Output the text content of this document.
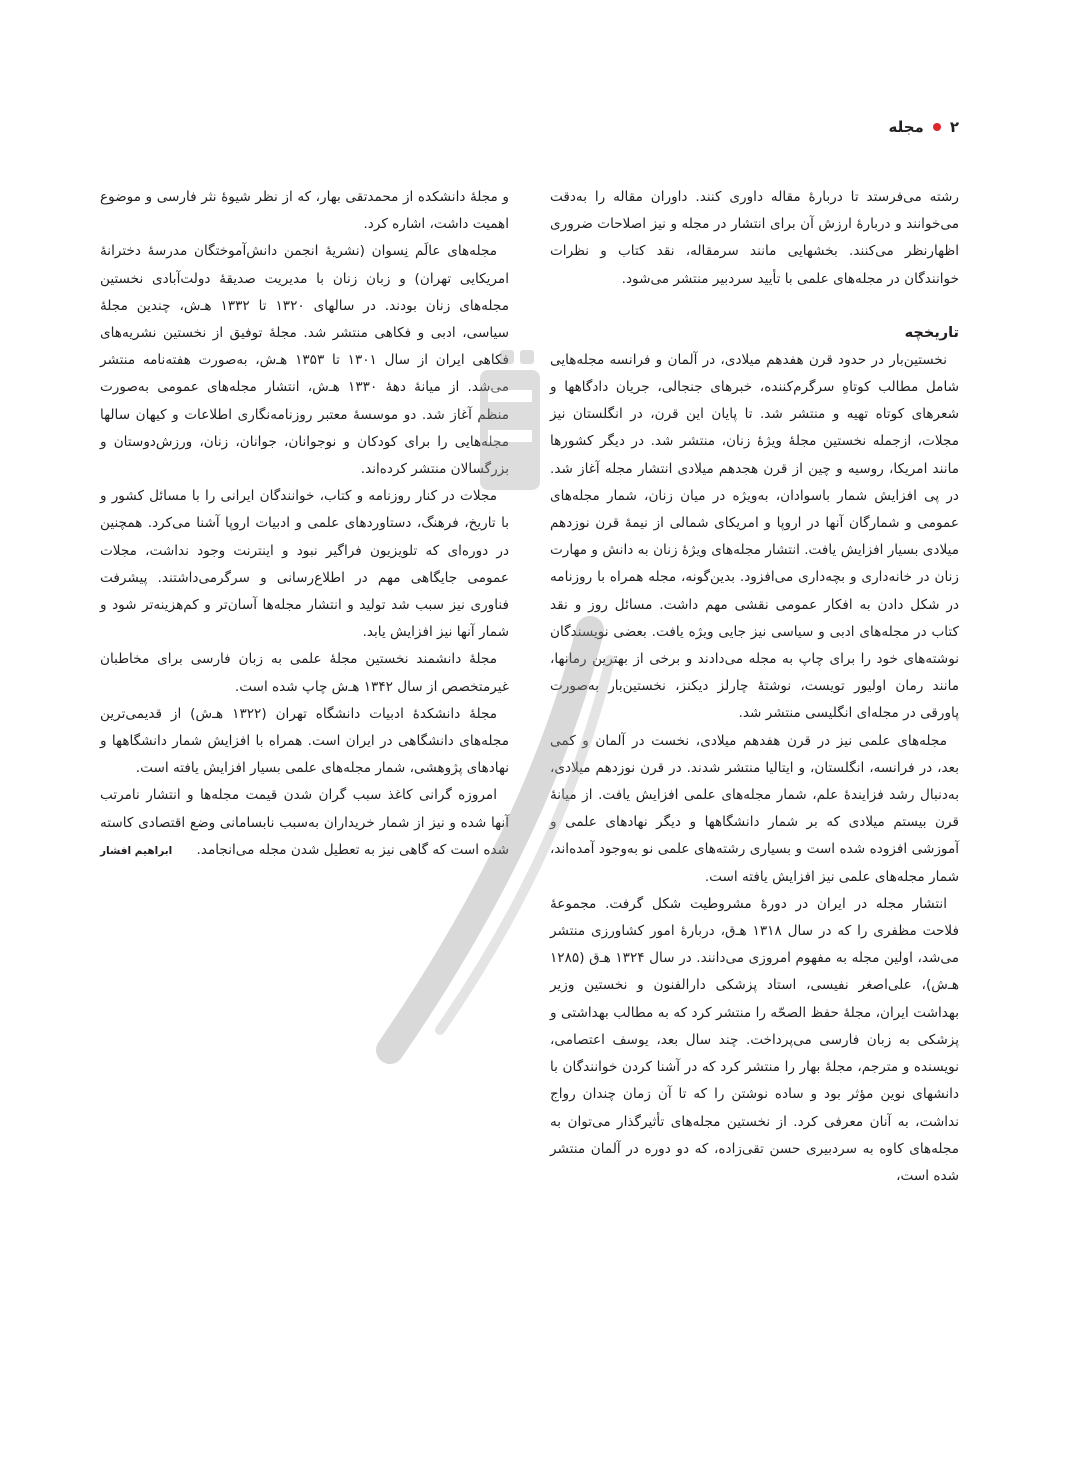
۲
مجله

رشته می‌فرستد تا دربارهٔ مقاله داوری کنند. داوران مقاله را به‌دقت می‌خوانند و دربارهٔ ارزش آن برای انتشار در مجله و نیز اصلاحات ضروری اظهارنظر می‌کنند. بخشهایی مانند سرمقاله، نقد کتاب و نظرات خوانندگان در مجله‌های علمی با تأیید سردبیر منتشر می‌شود.

تاریخچه

نخستین‌بار در حدود قرن هفدهم میلادی، در آلمان و فرانسه مجله‌هایی شامل مطالب کوتاهِ سرگرم‌کننده، خبرهای جنجالی، جریان دادگاهها و شعرهای کوتاه تهیه و منتشر شد. تا پایان این قرن، در انگلستان نیز مجلات، ازجمله نخستین مجلهٔ ویژهٔ زنان، منتشر شد. در دیگر کشورها مانند امریکا، روسیه و چین از قرن هجدهم میلادی انتشار مجله آغاز شد. در پی افزایش شمار باسوادان، به‌ویژه در میان زنان، شمار مجله‌های عمومی و شمارگان آنها در اروپا و امریکای شمالی از نیمهٔ قرن نوزدهم میلادی بسیار افزایش یافت. انتشار مجله‌های ویژهٔ زنان به دانش و مهارت زنان در خانه‌داری و بچه‌داری می‌افزود. بدین‌گونه، مجله همراه با روزنامه در شکل دادن به افکار عمومی نقشی مهم داشت. مسائل روز و نقد کتاب در مجله‌های ادبی و سیاسی نیز جایی ویژه یافت. بعضی نویسندگان نوشته‌های خود را برای چاپ به مجله می‌دادند و برخی از بهترین رمانها، مانند رمان اولیور تویست، نوشتهٔ چارلز دیکنز، نخستین‌بار به‌صورت پاورقی در مجله‌ای انگلیسی منتشر شد.

مجله‌های علمی نیز در قرن هفدهم میلادی، نخست در آلمان و کمی بعد، در فرانسه، انگلستان، و ایتالیا منتشر شدند. در قرن نوزدهم میلادی، به‌دنبال رشد فزایندهٔ علم، شمار مجله‌های علمی افزایش یافت. از میانهٔ قرن بیستم میلادی که بر شمار دانشگاهها و دیگر نهادهای علمی و آموزشی افزوده شده است و بسیاری رشته‌های علمی نو به‌وجود آمده‌اند، شمار مجله‌های علمی نیز افزایش یافته است.

انتشار مجله در ایران در دورهٔ مشروطیت شکل گرفت. مجموعهٔ فلاحت مظفری را که در سال ۱۳۱۸ هـ‌ق، دربارهٔ امور کشاورزی منتشر می‌شد، اولین مجله به مفهوم امروزی می‌دانند. در سال ۱۳۲۴ هـ‌ق (۱۲۸۵ هـ‌ش)، علی‌اصغر نفیسی، استاد پزشکی دارالفنون و نخستین وزیر بهداشت ایران، مجلهٔ حفظ الصحّه را منتشر کرد که به مطالب بهداشتی و پزشکی به زبان فارسی می‌پرداخت. چند سال بعد، یوسف اعتصامی، نویسنده و مترجم، مجلهٔ بهار را منتشر کرد که در آشنا کردن خوانندگان با دانشهای نوین مؤثر بود و ساده نوشتن را که تا آن زمان چندان رواج نداشت، به آنان معرفی کرد. از نخستین مجله‌های تأثیرگذار می‌توان به مجله‌های کاوه به سردبیری حسن تقی‌زاده، که دو دوره در آلمان منتشر شده است،

و مجلهٔ دانشکده از محمدتقی بهار، که از نظر شیوهٔ نثر فارسی و موضوع اهمیت داشت، اشاره کرد.

مجله‌های عالَم نِسوان (نشریهٔ انجمن دانش‌آموختگان مدرسهٔ دخترانهٔ امریکایی تهران) و زبان زنان با مدیریت صدیقهٔ دولت‌آبادی نخستین مجله‌های زنان بودند. در سالهای ۱۳۲۰ تا ۱۳۳۲ هـ‌ش، چندین مجلهٔ سیاسی، ادبی و فکاهی منتشر شد. مجلهٔ توفیق از نخستین نشریه‌های فکاهی ایران از سال ۱۳۰۱ تا ۱۳۵۳ هـ‌ش، به‌صورت هفته‌نامه منتشر می‌شد. از میانهٔ دههٔ ۱۳۳۰ هـ‌ش، انتشار مجله‌های عمومی به‌صورت منظم آغاز شد. دو موسسهٔ معتبر روزنامه‌نگاری اطلاعات و کیهان سالها مجله‌هایی را برای کودکان و نوجوانان، جوانان، زنان، ورزش‌دوستان و بزرگسالان منتشر کرده‌اند.

مجلات در کنار روزنامه و کتاب، خوانندگان ایرانی را با مسائل کشور و با تاریخ، فرهنگ، دستاوردهای علمی و ادبیات اروپا آشنا می‌کرد. همچنین در دوره‌ای که تلویزیون فراگیر نبود و اینترنت وجود نداشت، مجلات عمومی جایگاهی مهم در اطلاع‌رسانی و سرگرمی‌داشتند. پیشرفت فناوری نیز سبب شد تولید و انتشار مجله‌ها آسان‌تر و کم‌هزینه‌تر شود و شمار آنها نیز افزایش یابد.

مجلهٔ دانشمند نخستین مجلهٔ علمی به زبان فارسی برای مخاطبان غیرمتخصص از سال ۱۳۴۲ هـ‌ش چاپ شده است.

مجلهٔ دانشکدهٔ ادبیات دانشگاه تهران (۱۳۲۲ هـ‌ش) از قدیمی‌ترین مجله‌های دانشگاهی در ایران است. همراه با افزایش شمار دانشگاهها و نهادهای پژوهشی، شمار مجله‌های علمی بسیار افزایش یافته است.

امروزه گرانی کاغذ سبب گران شدن قیمت مجله‌ها و انتشار نامرتب آنها شده و نیز از شمار خریداران به‌سبب نابسامانی وضع اقتصادی کاسته شده است که گاهی نیز به تعطیل شدن مجله می‌انجامد.

ابراهیم افشار
